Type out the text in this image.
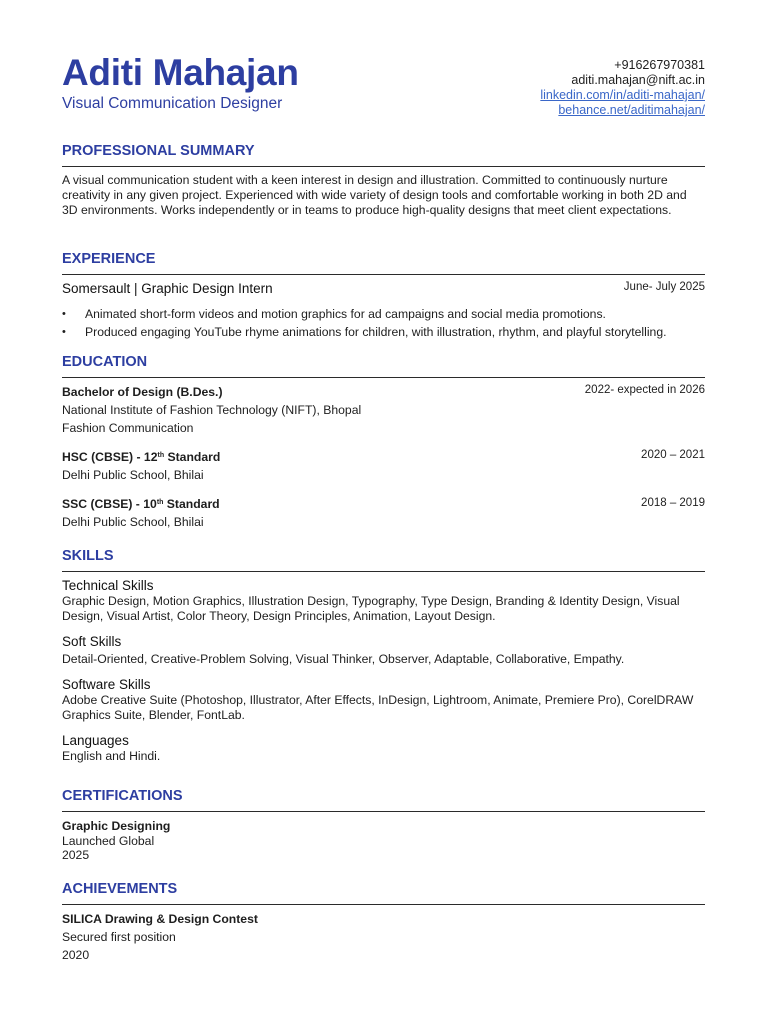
Aditi Mahajan
Visual Communication Designer
+916267970381
aditi.mahajan@nift.ac.in
linkedin.com/in/aditi-mahajan/
behance.net/aditimahajan/
PROFESSIONAL SUMMARY
A visual communication student with a keen interest in design and illustration. Committed to continuously nurture creativity in any given project. Experienced with wide variety of design tools and comfortable working in both 2D and 3D environments. Works independently or in teams to produce high-quality designs that meet client expectations.
EXPERIENCE
Somersault | Graphic Design Intern	June- July 2025
• Animated short-form videos and motion graphics for ad campaigns and social media promotions.
• Produced engaging YouTube rhyme animations for children, with illustration, rhythm, and playful storytelling.
EDUCATION
Bachelor of Design (B.Des.)	2022- expected in 2026
National Institute of Fashion Technology (NIFT), Bhopal
Fashion Communication
HSC (CBSE) - 12th Standard	2020 – 2021
Delhi Public School, Bhilai
SSC (CBSE) - 10th Standard	2018 – 2019
Delhi Public School, Bhilai
SKILLS
Technical Skills
Graphic Design, Motion Graphics, Illustration Design, Typography, Type Design, Branding & Identity Design, Visual Design, Visual Artist, Color Theory, Design Principles, Animation, Layout Design.
Soft Skills
Detail-Oriented, Creative-Problem Solving, Visual Thinker, Observer, Adaptable, Collaborative, Empathy.
Software Skills
Adobe Creative Suite (Photoshop, Illustrator, After Effects, InDesign, Lightroom, Animate, Premiere Pro), CorelDRAW Graphics Suite, Blender, FontLab.
Languages
English and Hindi.
CERTIFICATIONS
Graphic Designing
Launched Global
2025
ACHIEVEMENTS
SILICA Drawing & Design Contest
Secured first position
2020
